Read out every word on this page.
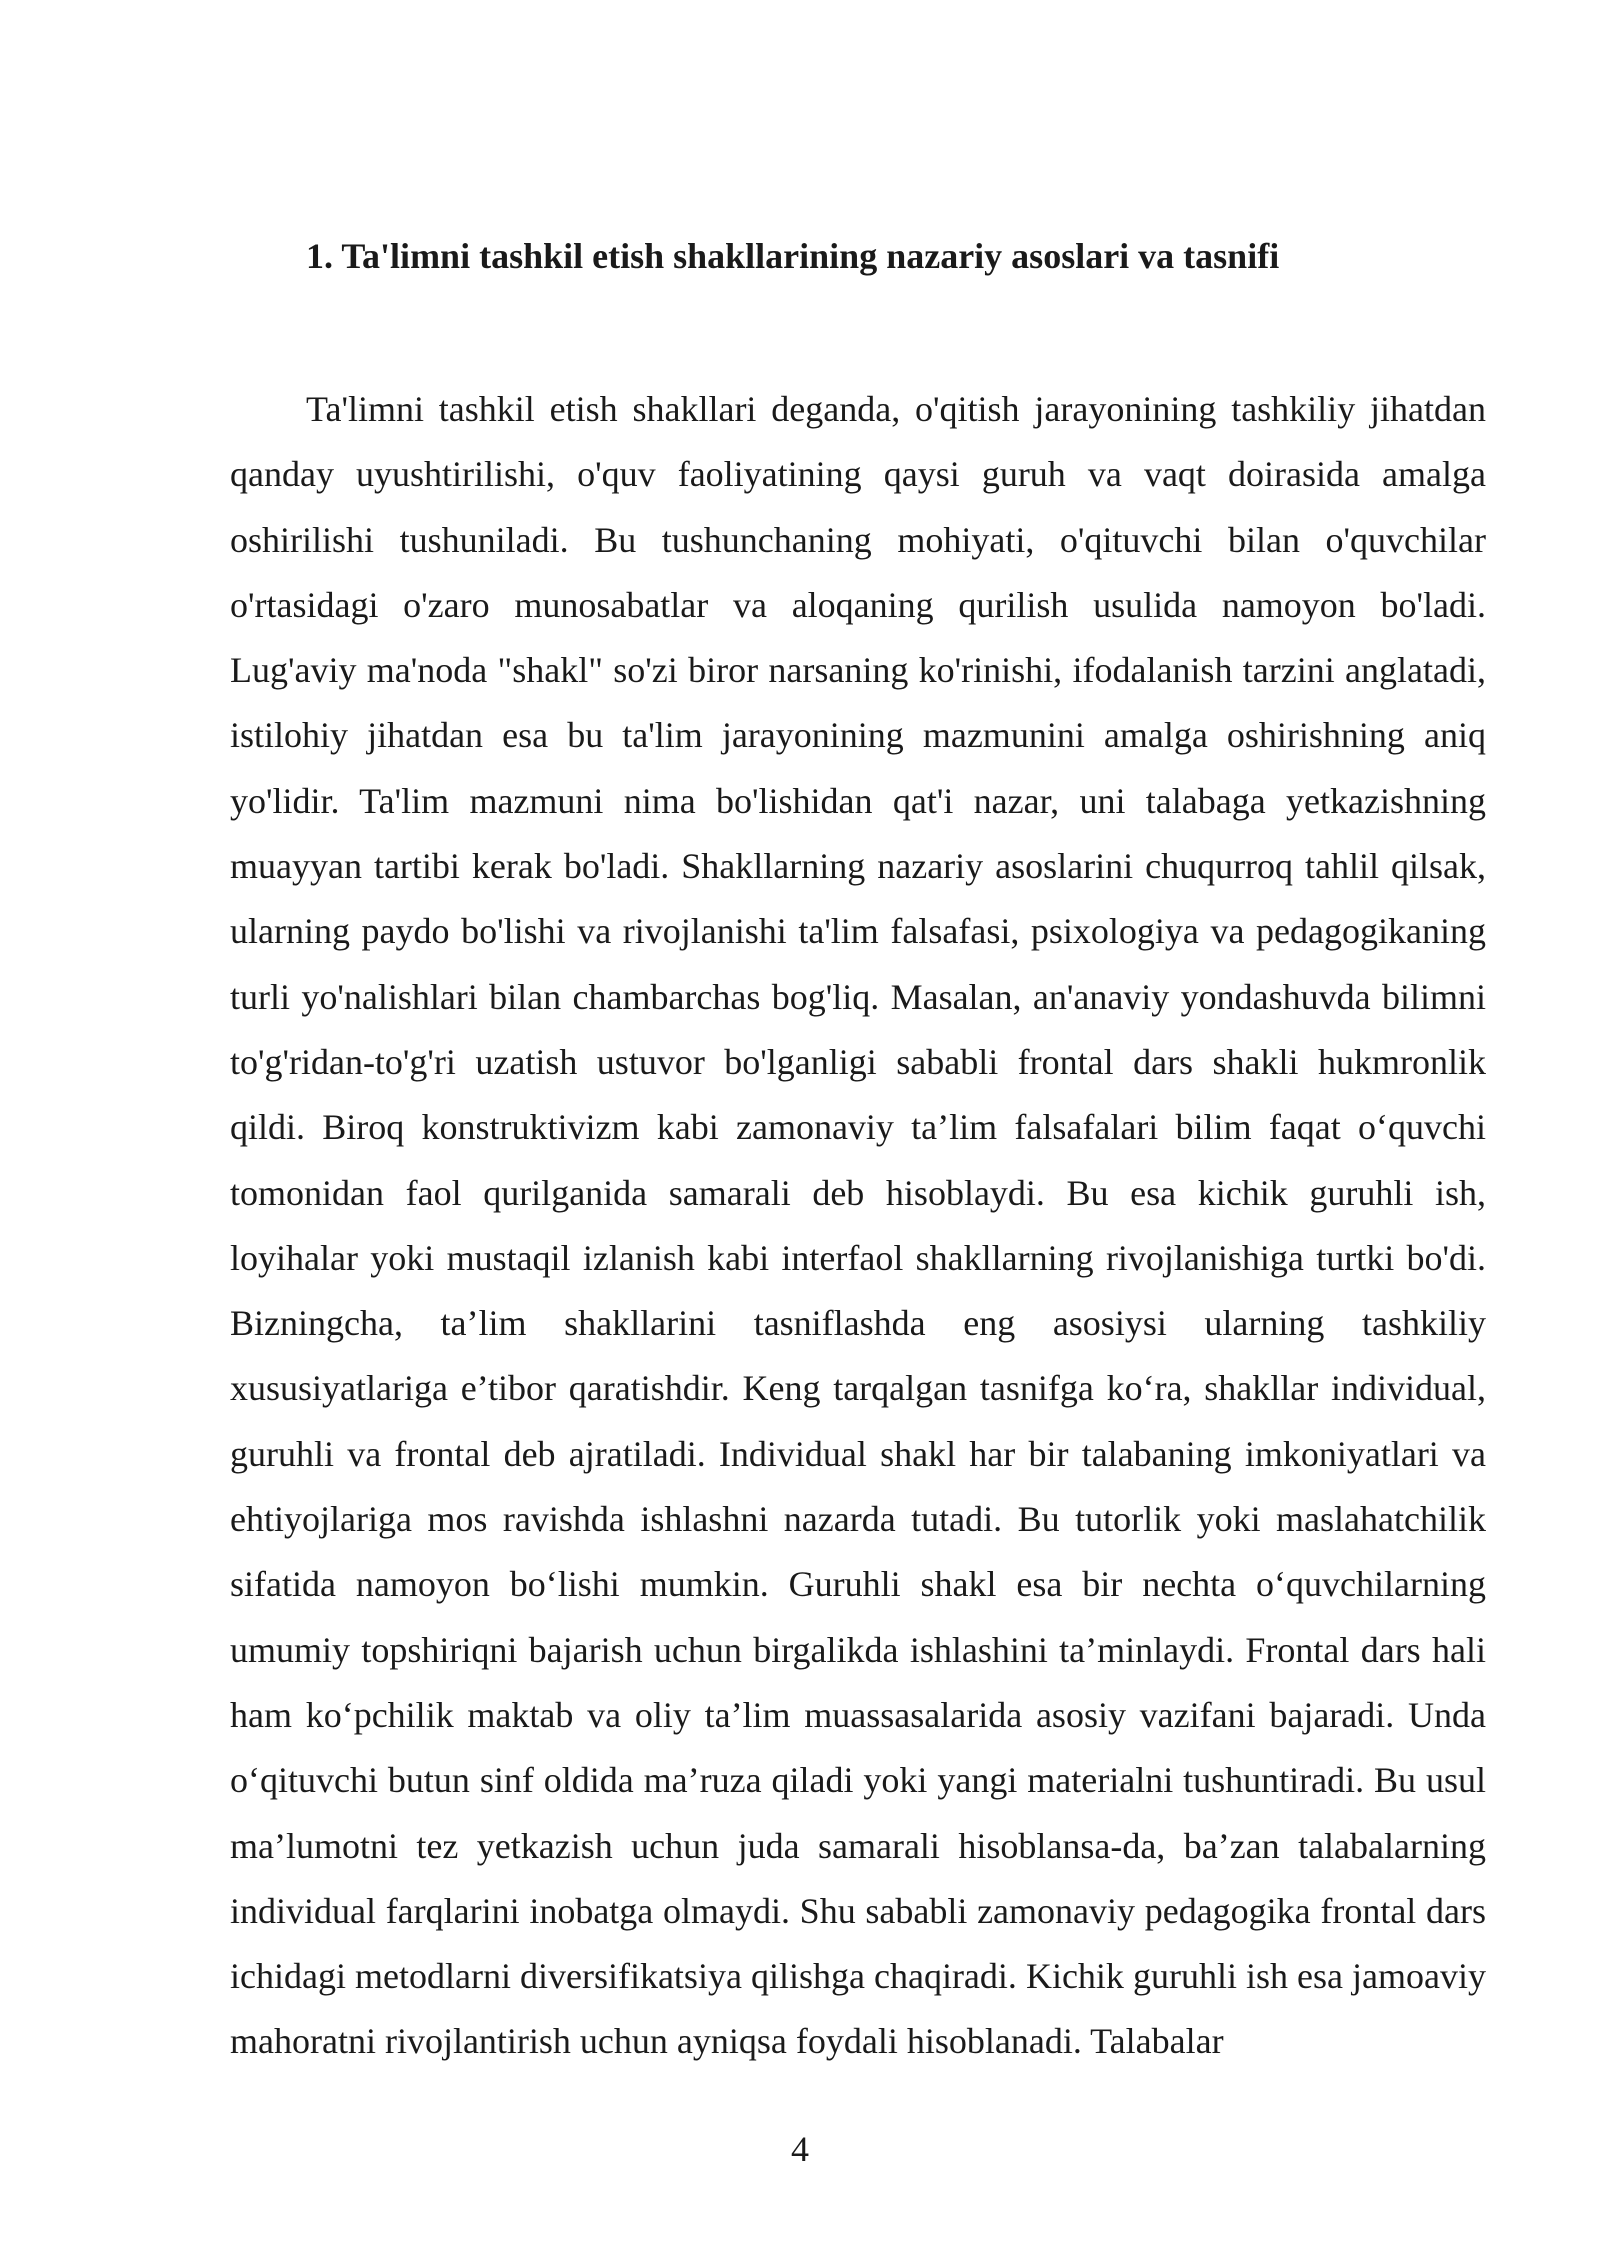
1. Ta'limni tashkil etish shakllarining nazariy asoslari va tasnifi

Ta'limni tashkil etish shakllari deganda, o'qitish jarayonining tashkiliy jihatdan qanday uyushtirilishi, o'quv faoliyatining qaysi guruh va vaqt doirasida amalga oshirilishi tushuniladi. Bu tushunchaning mohiyati, o'qituvchi bilan o'quvchilar o'rtasidagi o'zaro munosabatlar va aloqaning qurilish usulida namoyon bo'ladi. Lug'aviy ma'noda "shakl" so'zi biror narsaning ko'rinishi, ifodalanish tarzini anglatadi, istilohiy jihatdan esa bu ta'lim jarayonining mazmunini amalga oshirishning aniq yo'lidir. Ta'lim mazmuni nima bo'lishidan qat'i nazar, uni talabaga yetkazishning muayyan tartibi kerak bo'ladi. Shakllarning nazariy asoslarini chuqurroq tahlil qilsak, ularning paydo bo'lishi va rivojlanishi ta'lim falsafasi, psixologiya va pedagogikaning turli yo'nalishlari bilan chambarchas bog'liq. Masalan, an'anaviy yondashuvda bilimni to'g'ridan-to'g'ri uzatish ustuvor bo'lganligi sababli frontal dars shakli hukmronlik qildi. Biroq konstruktivizm kabi zamonaviy ta’lim falsafalari bilim faqat o‘quvchi tomonidan faol qurilganida samarali deb hisoblaydi. Bu esa kichik guruhli ish, loyihalar yoki mustaqil izlanish kabi interfaol shakllarning rivojlanishiga turtki bo'di. Bizningcha, ta’lim shakllarini tasniflashda eng asosiysi ularning tashkiliy xususiyatlariga e’tibor qaratishdir. Keng tarqalgan tasnifga ko‘ra, shakllar individual, guruhli va frontal deb ajratiladi. Individual shakl har bir talabaning imkoniyatlari va ehtiyojlariga mos ravishda ishlashni nazarda tutadi. Bu tutorlik yoki maslahatchilik sifatida namoyon bo‘lishi mumkin. Guruhli shakl esa bir nechta o‘quvchilarning umumiy topshiriqni bajarish uchun birgalikda ishlashini ta’minlaydi. Frontal dars hali ham ko‘pchilik maktab va oliy ta’lim muassasalarida asosiy vazifani bajaradi. Unda o‘qituvchi butun sinf oldida ma’ruza qiladi yoki yangi materialni tushuntiradi. Bu usul ma’lumotni tez yetkazish uchun juda samarali hisoblansa-da, ba’zan talabalarning individual farqlarini inobatga olmaydi. Shu sababli zamonaviy pedagogika frontal dars ichidagi metodlarni diversifikatsiya qilishga chaqiradi. Kichik guruhli ish esa jamoaviy mahoratni rivojlantirish uchun ayniqsa foydali hisoblanadi. Talabalar

4
